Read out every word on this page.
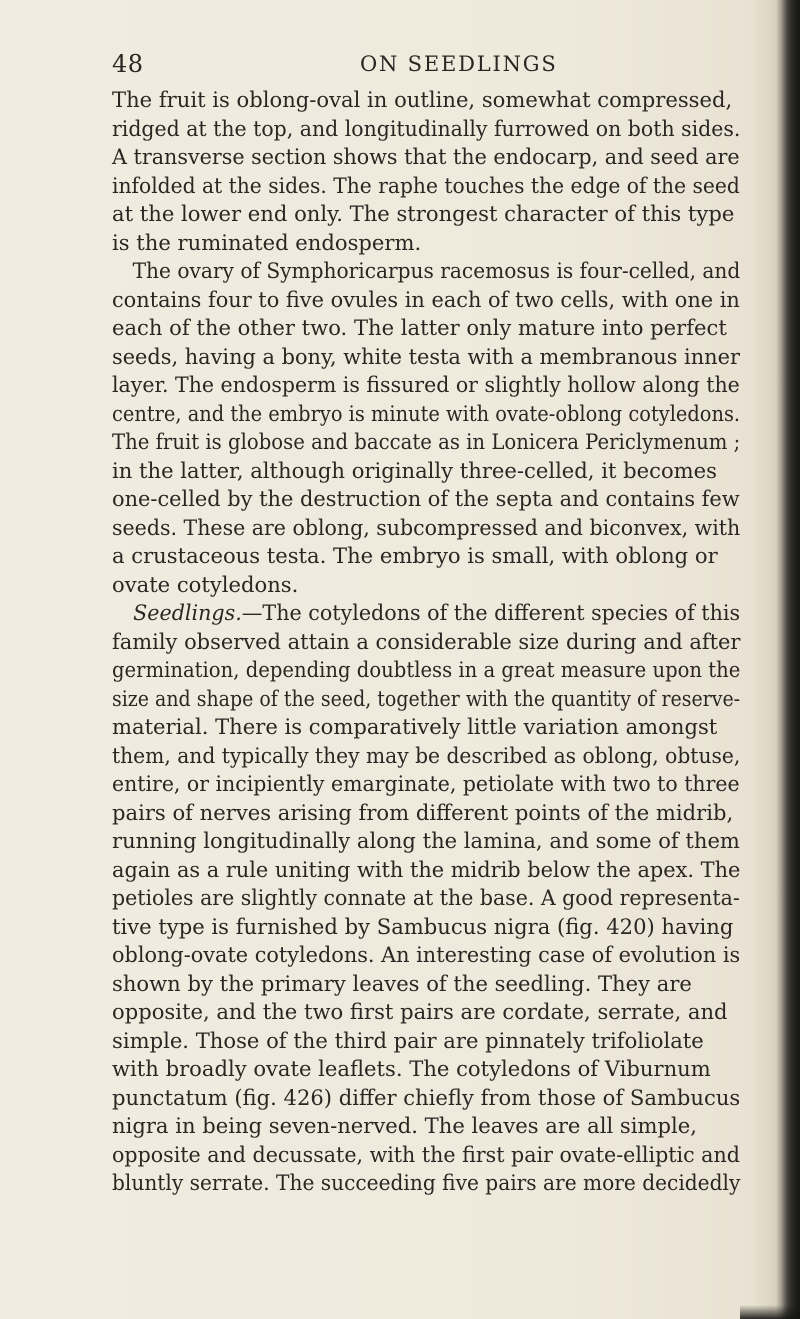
48	ON SEEDLINGS
The fruit is oblong-oval in outline, somewhat compressed,
ridged at the top, and longitudinally furrowed on both sides.
A transverse section shows that the endocarp, and seed are
infolded at the sides. The raphe touches the edge of the seed
at the lower end only. The strongest character of this type
is the ruminated endosperm.
The ovary of Symphoricarpus racemosus is four-celled, and
contains four to five ovules in each of two cells, with one in
each of the other two. The latter only mature into perfect
seeds, having a bony, white testa with a membranous inner
layer. The endosperm is fissured or slightly hollow along the
centre, and the embryo is minute with ovate-oblong cotyledons.
The fruit is globose and baccate as in Lonicera Periclymenum ;
in the latter, although originally three-celled, it becomes
one-celled by the destruction of the septa and contains few
seeds. These are oblong, subcompressed and biconvex, with
a crustaceous testa. The embryo is small, with oblong or
ovate cotyledons.
Seedlings.—The cotyledons of the different species of this
family observed attain a considerable size during and after
germination, depending doubtless in a great measure upon the
size and shape of the seed, together with the quantity of reserve-
material. There is comparatively little variation amongst
them, and typically they may be described as oblong, obtuse,
entire, or incipiently emarginate, petiolate with two to three
pairs of nerves arising from different points of the midrib,
running longitudinally along the lamina, and some of them
again as a rule uniting with the midrib below the apex. The
petioles are slightly connate at the base. A good representa-
tive type is furnished by Sambucus nigra (fig. 420) having
oblong-ovate cotyledons. An interesting case of evolution is
shown by the primary leaves of the seedling. They are
opposite, and the two first pairs are cordate, serrate, and
simple. Those of the third pair are pinnately trifoliolate
with broadly ovate leaflets. The cotyledons of Viburnum
punctatum (fig. 426) differ chiefly from those of Sambucus
nigra in being seven-nerved. The leaves are all simple,
opposite and decussate, with the first pair ovate-elliptic and
bluntly serrate. The succeeding five pairs are more decidedly
